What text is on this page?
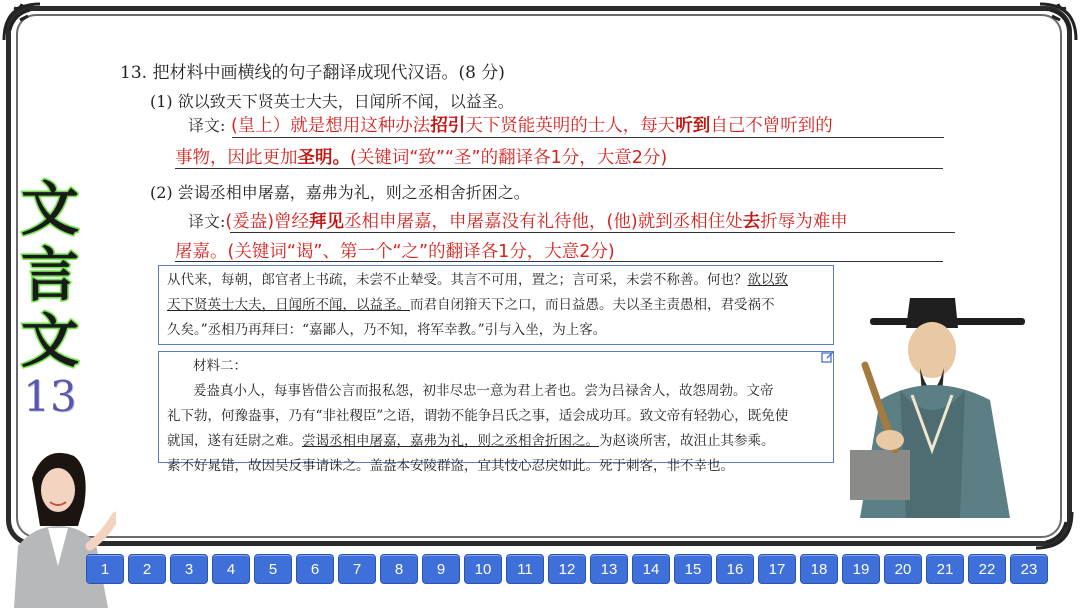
文
言
文
13
13. 把材料中画横线的句子翻译成现代汉语。(8 分)
(1) 欲以致天下贤英士大夫，日闻所不闻，以益圣。
译文: (皇上）就是想用这种办法招引天下贤能英明的士人，每天听到自己不曾听到的
事物，因此更加圣明。(关键词“致”“圣”的翻译各1分，大意2分)
(2) 尝谒丞相申屠嘉，嘉弗为礼，则之丞相舍折困之。
译文:(爰盎)曾经拜见丞相申屠嘉，申屠嘉没有礼待他，(他)就到丞相住处去折辱为难申
屠嘉。(关键词“谒”、第一个“之”的翻译各1分，大意2分)
从代来，每朝，郎官者上书疏，未尝不止辇受。其言不可用，置之；言可采，未尝不称善。何也？欲以致
天下贤英士大夫，日闻所不闻，以益圣。而君自闭箝天下之口，而日益愚。夫以圣主责愚相，君受祸不
久矣。”丞相乃再拜曰：“嘉鄙人，乃不知，将军幸教。”引与入坐，为上客。
材料二：
爰盎真小人，每事皆借公言而报私怨，初非尽忠一意为君上者也。尝为吕禄舍人，故怨周勃。文帝
礼下勃，何豫盎事，乃有“非社稷臣”之语，谓勃不能争吕氏之事，适会成功耳。致文帝有轻勃心，既免使
就国，遂有廷尉之难。尝谒丞相申屠嘉，嘉弗为礼，则之丞相舍折困之。为赵谈所害，故沮止其参乘。
素不好晁错，故因吴反事请诛之。盖盎本安陵群盗，宜其忮心忍戾如此。死于刺客，非不幸也。
1	2	3	4	5	6	7	8	9	10	11	12	13	14	15	16	17	18	19	20	21	22	23
